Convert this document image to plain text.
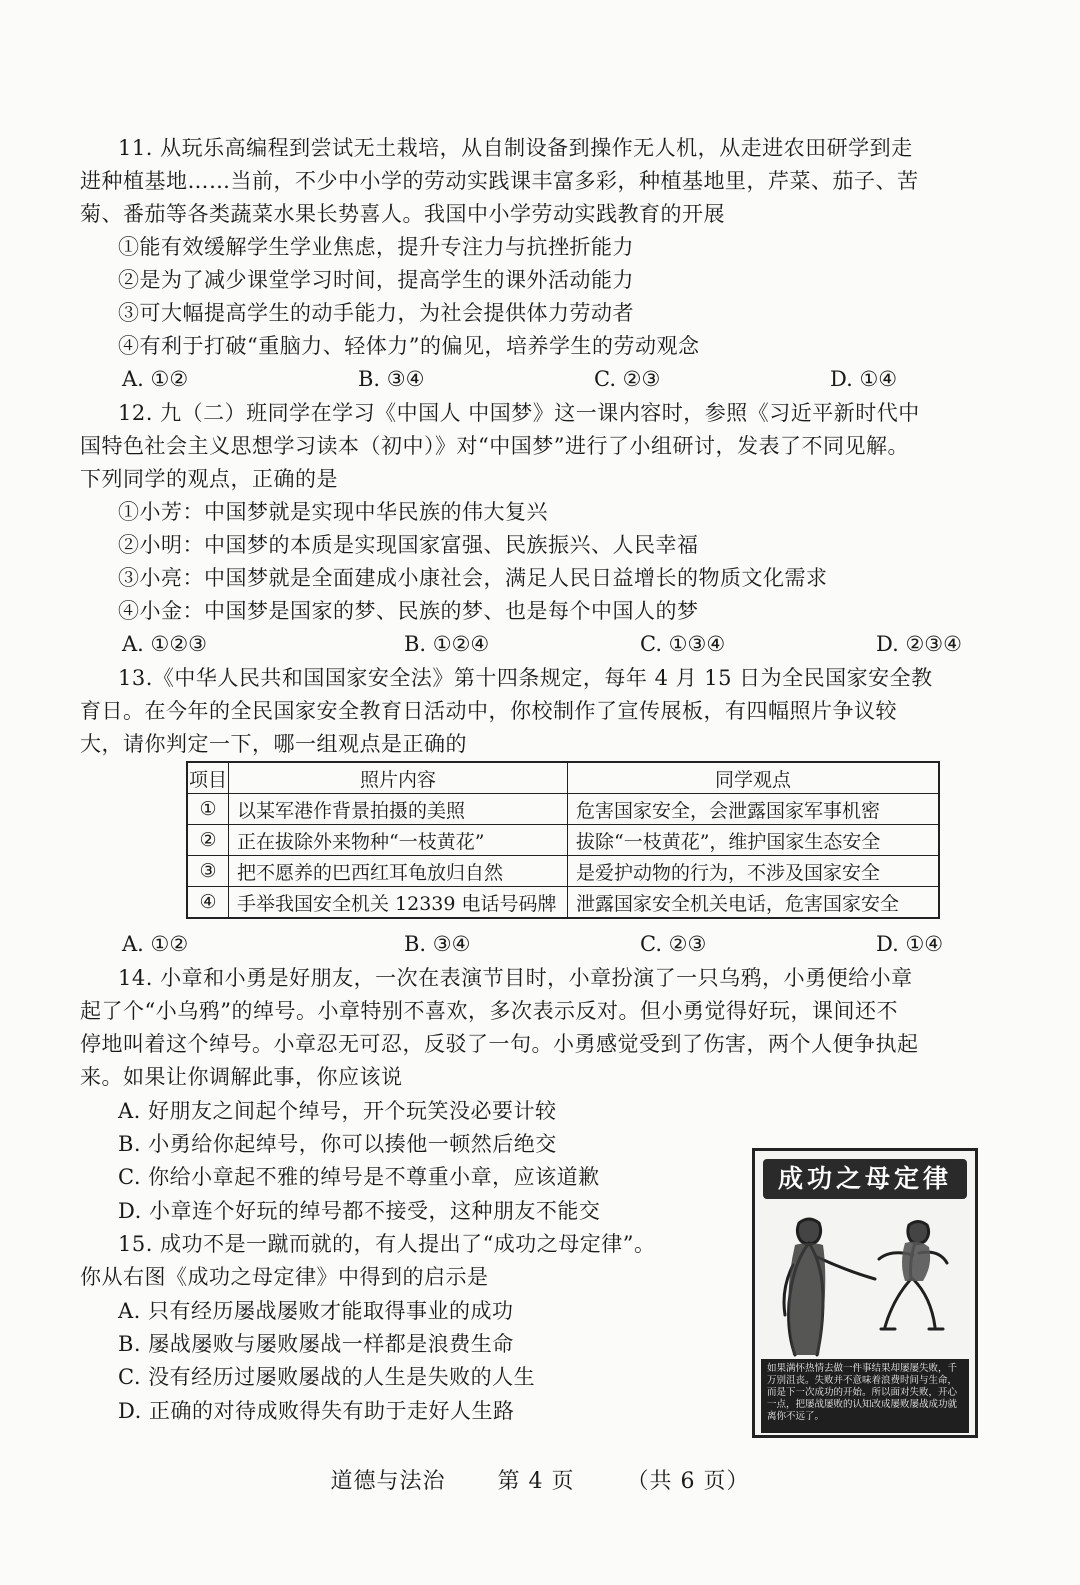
11. 从玩乐高编程到尝试无土栽培，从自制设备到操作无人机，从走进农田研学到走
进种植基地……当前，不少中小学的劳动实践课丰富多彩，种植基地里，芹菜、茄子、苦
菊、番茄等各类蔬菜水果长势喜人。我国中小学劳动实践教育的开展
①能有效缓解学生学业焦虑，提升专注力与抗挫折能力
②是为了减少课堂学习时间，提高学生的课外活动能力
③可大幅提高学生的动手能力，为社会提供体力劳动者
④有利于打破“重脑力、轻体力”的偏见，培养学生的劳动观念
A. ①②	B. ③④	C. ②③	D. ①④
12. 九（二）班同学在学习《中国人 中国梦》这一课内容时，参照《习近平新时代中
国特色社会主义思想学习读本（初中）》对“中国梦”进行了小组研讨，发表了不同见解。
下列同学的观点，正确的是
①小芳：中国梦就是实现中华民族的伟大复兴
②小明：中国梦的本质是实现国家富强、民族振兴、人民幸福
③小亮：中国梦就是全面建成小康社会，满足人民日益增长的物质文化需求
④小金：中国梦是国家的梦、民族的梦、也是每个中国人的梦
A. ①②③	B. ①②④	C. ①③④	D. ②③④
13.《中华人民共和国国家安全法》第十四条规定，每年 4 月 15 日为全民国家安全教
育日。在今年的全民国家安全教育日活动中，你校制作了宣传展板，有四幅照片争议较
大，请你判定一下，哪一组观点是正确的
项目	照片内容	同学观点
①	以某军港作背景拍摄的美照	危害国家安全，会泄露国家军事机密
②	正在拔除外来物种“一枝黄花”	拔除“一枝黄花”，维护国家生态安全
③	把不愿养的巴西红耳龟放归自然	是爱护动物的行为，不涉及国家安全
④	手举我国安全机关 12339 电话号码牌	泄露国家安全机关电话，危害国家安全
A. ①②	B. ③④	C. ②③	D. ①④
14. 小章和小勇是好朋友，一次在表演节目时，小章扮演了一只乌鸦，小勇便给小章
起了个“小乌鸦”的绰号。小章特别不喜欢，多次表示反对。但小勇觉得好玩，课间还不
停地叫着这个绰号。小章忍无可忍，反驳了一句。小勇感觉受到了伤害，两个人便争执起
来。如果让你调解此事，你应该说
A. 好朋友之间起个绰号，开个玩笑没必要计较
B. 小勇给你起绰号，你可以揍他一顿然后绝交
C. 你给小章起不雅的绰号是不尊重小章，应该道歉
D. 小章连个好玩的绰号都不接受，这种朋友不能交
15. 成功不是一蹴而就的，有人提出了“成功之母定律”。
你从右图《成功之母定律》中得到的启示是
A. 只有经历屡战屡败才能取得事业的成功
B. 屡战屡败与屡败屡战一样都是浪费生命
C. 没有经历过屡败屡战的人生是失败的人生
D. 正确的对待成败得失有助于走好人生路
成功之母定律
如果满怀热情去做一件事结果却屡屡失败，千万别沮丧。失败并不意味着浪费时间与生命，而是下一次成功的开始。所以面对失败，开心一点，把屡战屡败的认知改成屡败屡战成功就离你不远了。
道德与法治 第 4 页 （共 6 页）
